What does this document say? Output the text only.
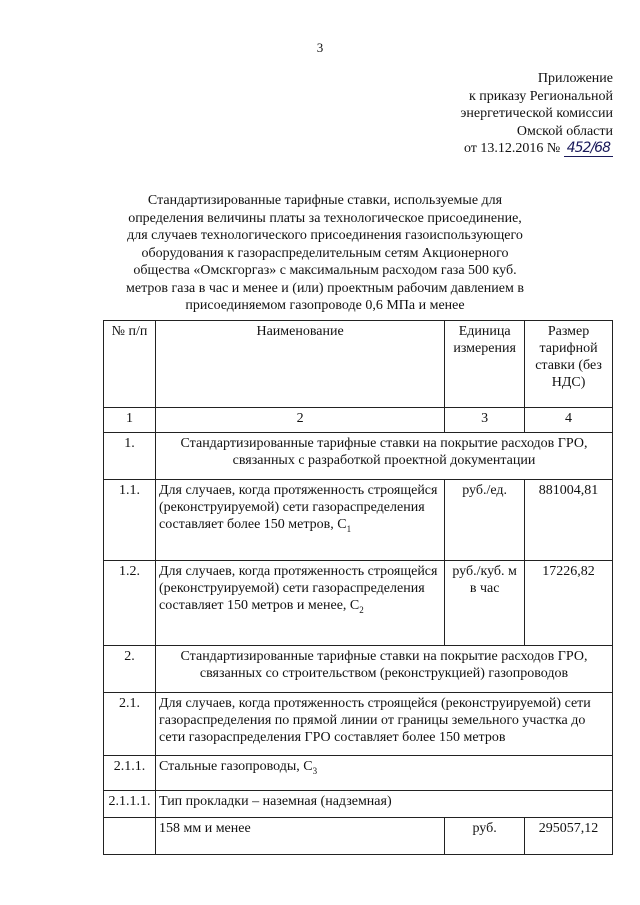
3
Приложение
к приказу Региональной
энергетической комиссии
Омской области
от 13.12.2016 № 452/68
Стандартизированные тарифные ставки, используемые для определения величины платы за технологическое присоединение, для случаев технологического присоединения газоиспользующего оборудования к газораспределительным сетям Акционерного общества «Омскгоргаз» с максимальным расходом газа 500 куб. метров газа в час и менее и (или) проектным рабочим давлением в присоединяемом газопроводе 0,6 МПа и менее
№ п/п	Наименование	Единица измерения	Размер тарифной ставки (без НДС)
1	2	3	4
1.	Стандартизированные тарифные ставки на покрытие расходов ГРО, связанных с разработкой проектной документации		
1.1.	Для случаев, когда протяженность строящейся (реконструируемой) сети газораспределения составляет более 150 метров, $С_1$	руб./ед.	881004,81
1.2.	Для случаев, когда протяженность строящейся (реконструируемой) сети газораспределения составляет 150 метров и менее, $С_2$	руб./куб. м в час	17226,82
2.	Стандартизированные тарифные ставки на покрытие расходов ГРО, связанных со строительством (реконструкцией) газопроводов		
2.1.	Для случаев, когда протяженность строящейся (реконструируемой) сети газораспределения по прямой линии от границы земельного участка до сети газораспределения ГРО составляет более 150 метров		
2.1.1.	Стальные газопроводы, $С_3$
2.1.1.1.	Тип прокладки – наземная (надземная)		
	158 мм и менее	руб.	295057,12
